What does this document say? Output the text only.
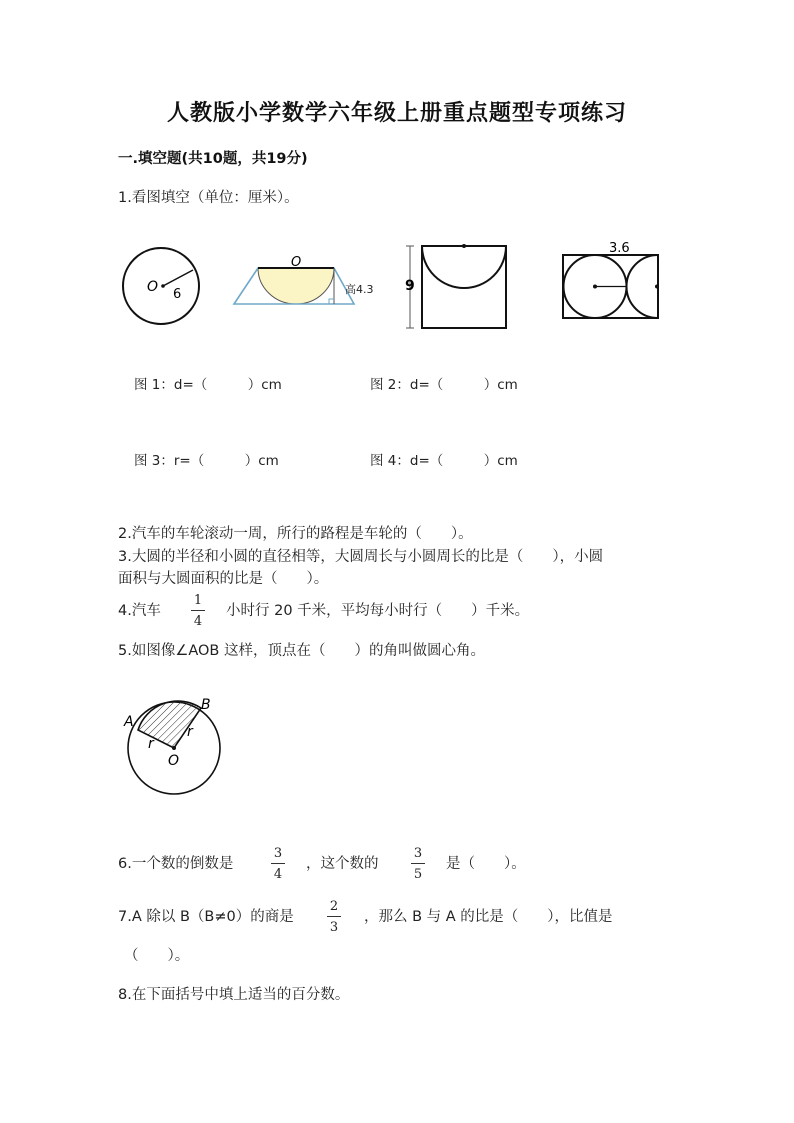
人教版小学数学六年级上册重点题型专项练习
一.填空题(共10题，共19分)
1.看图填空（单位：厘米）。
O 6
O
高4.3 9
3.6
图 1：d=（　　　）cm	图 2：d=（　　　）cm
图 3：r=（　　　）cm	图 4：d=（　　　）cm
2.汽车的车轮滚动一周，所行的路程是车轮的（　　）。
3.大圆的半径和小圆的直径相等，大圆周长与小圆周长的比是（　　），小圆
面积与大圆面积的比是（　　）。
4.汽车
1
4
小时行 20 千米，平均每小时行（　　）千米。
5.如图像∠AOB 这样，顶点在（　　）的角叫做圆心角。
A
B
O
r
r
6.一个数的倒数是
3
4
，这个数的
3
5
是（　　）。
7.A 除以 B（B≠0）的商是
2
3
，那么 B 与 A 的比是（　　），比值是
（　　）。
8.在下面括号中填上适当的百分数。
